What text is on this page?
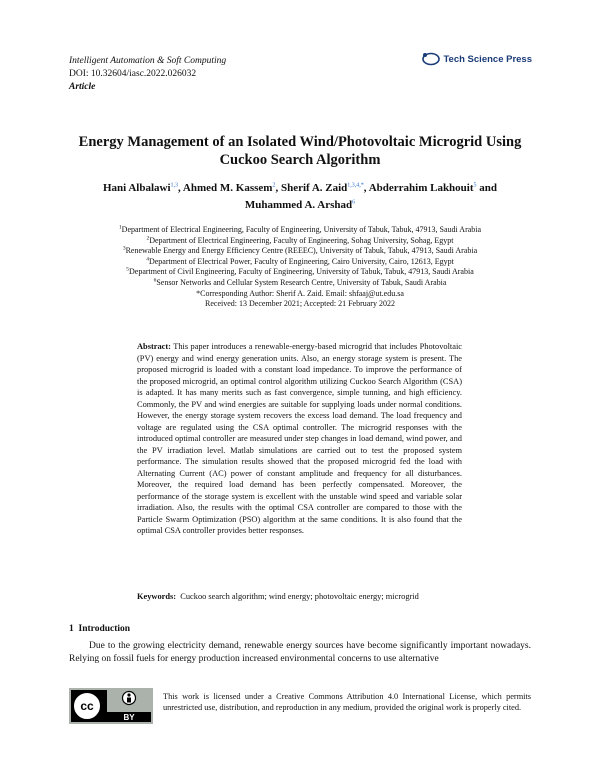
Intelligent Automation & Soft Computing
DOI: 10.32604/iasc.2022.026032
Article
Tech Science Press
Energy Management of an Isolated Wind/Photovoltaic Microgrid Using Cuckoo Search Algorithm
Hani Albalawi$^{1,3}$, Ahmed M. Kassem$^2$, Sherif A. Zaid$^{1,3,4,*}$, Abderrahim Lakhouit$^5$ and
Muhammed A. Arshad$^6$
$^1$Department of Electrical Engineering, Faculty of Engineering, University of Tabuk, Tabuk, 47913, Saudi Arabia
$^2$Department of Electrical Engineering, Faculty of Engineering, Sohag University, Sohag, Egypt
$^3$Renewable Energy and Energy Efficiency Centre (REEEC), University of Tabuk, Tabuk, 47913, Saudi Arabia
$^4$Department of Electrical Power, Faculty of Engineering, Cairo University, Cairo, 12613, Egypt
$^5$Department of Civil Engineering, Faculty of Engineering, University of Tabuk, Tabuk, 47913, Saudi Arabia
$^6$Sensor Networks and Cellular System Research Centre, University of Tabuk, Saudi Arabia
*Corresponding Author: Sherif A. Zaid. Email: shfaaj@ut.edu.sa
Received: 13 December 2021; Accepted: 21 February 2022
Abstract: This paper introduces a renewable-energy-based microgrid that includes Photovoltaic (PV) energy and wind energy generation units. Also, an energy storage system is present. The proposed microgrid is loaded with a constant load impedance. To improve the performance of the proposed microgrid, an optimal control algorithm utilizing Cuckoo Search Algorithm (CSA) is adapted. It has many merits such as fast convergence, simple tunning, and high efficiency. Commonly, the PV and wind energies are suitable for supplying loads under normal conditions. However, the energy storage system recovers the excess load demand. The load frequency and voltage are regulated using the CSA optimal controller. The microgrid responses with the introduced optimal controller are measured under step changes in load demand, wind power, and the PV irradiation level. Matlab simulations are carried out to test the proposed system performance. The simulation results showed that the proposed microgrid fed the load with Alternating Current (AC) power of constant amplitude and frequency for all disturbances. Moreover, the required load demand has been perfectly compensated. Moreover, the performance of the storage system is excellent with the unstable wind speed and variable solar irradiation. Also, the results with the optimal CSA controller are compared to those with the Particle Swarm Optimization (PSO) algorithm at the same conditions. It is also found that the optimal CSA controller provides better responses.
Keywords: Cuckoo search algorithm; wind energy; photovoltaic energy; microgrid
1 Introduction
Due to the growing electricity demand, renewable energy sources have become significantly important nowadays. Relying on fossil fuels for energy production increased environmental concerns to use alternative
cc
BY
This work is licensed under a Creative Commons Attribution 4.0 International License, which permits unrestricted use, distribution, and reproduction in any medium, provided the original work is properly cited.
